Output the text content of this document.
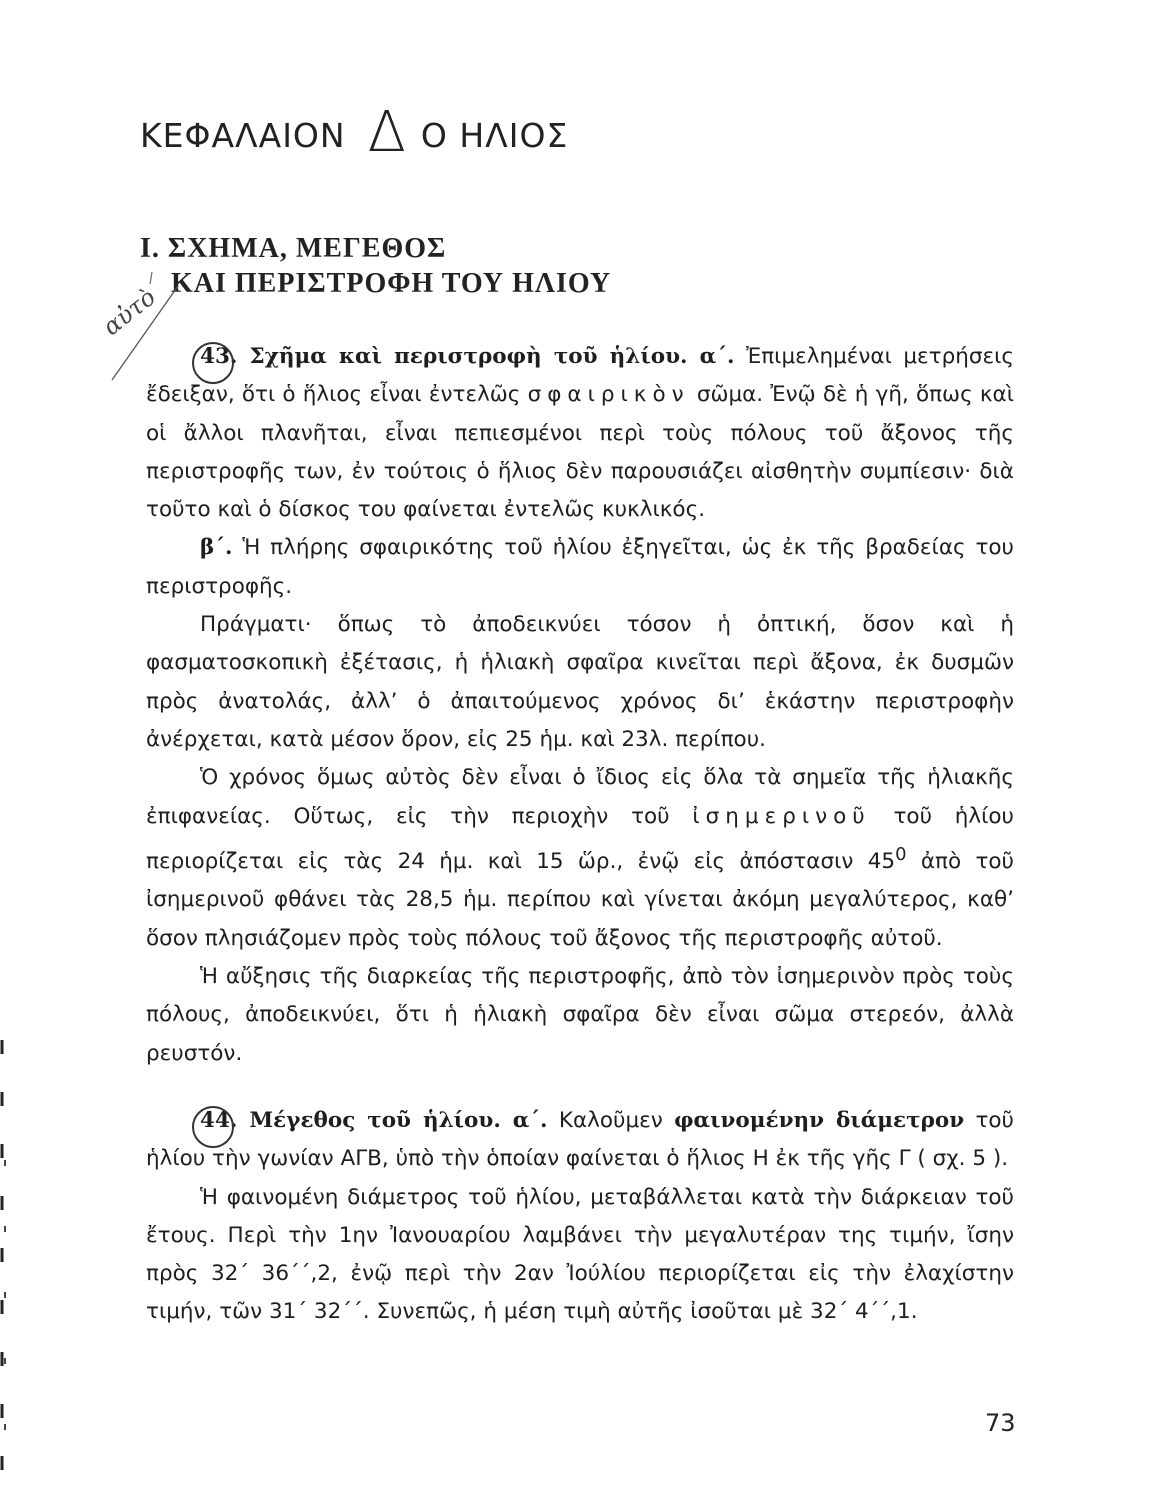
ΚΕΦΑΛΑΙΟΝ Δ Ο ΗΛΙΟΣ
Ι. ΣΧΗΜΑ, ΜΕΓΕΘΟΣ
ΚΑΙ ΠΕΡΙΣΤΡΟΦΗ ΤΟΥ ΗΛΙΟΥ
αὐτὸ

43. Σχῆμα καὶ περιστροφὴ τοῦ ἡλίου. α΄. Ἐπιμελημέναι μετρήσεις ἔδειξαν, ὅτι ὁ ἥλιος εἶναι ἐντελῶς σφαιρικὸν σῶμα. Ἐνῷ δὲ ἡ γῆ, ὅπως καὶ οἱ ἄλλοι πλανῆται, εἶναι πεπιεσμένοι περὶ τοὺς πόλους τοῦ ἄξονος τῆς περιστροφῆς των, ἐν τούτοις ὁ ἥλιος δὲν παρουσιάζει αἰσθητὴν συμπίεσιν· διὰ τοῦτο καὶ ὁ δίσκος του φαίνεται ἐντελῶς κυκλικός.

β΄. Ἡ πλήρης σφαιρικότης τοῦ ἡλίου ἐξηγεῖται, ὡς ἐκ τῆς βραδείας του περιστροφῆς.

Πράγματι· ὅπως τὸ ἀποδεικνύει τόσον ἡ ὀπτική, ὅσον καὶ ἡ φασματοσκοπικὴ ἐξέτασις, ἡ ἡλιακὴ σφαῖρα κινεῖται περὶ ἄξονα, ἐκ δυσμῶν πρὸς ἀνατολάς, ἀλλ’ ὁ ἀπαιτούμενος χρόνος δι’ ἑκάστην περιστροφὴν ἀνέρχεται, κατὰ μέσον ὅρον, εἰς 25 ἡμ. καὶ 23λ. περίπου.

Ὁ χρόνος ὅμως αὐτὸς δὲν εἶναι ὁ ἴδιος εἰς ὅλα τὰ σημεῖα τῆς ἡλιακῆς ἐπιφανείας. Οὕτως, εἰς τὴν περιοχὴν τοῦ ἰσημερινοῦ τοῦ ἡλίου περιορίζεται εἰς τὰς 24 ἡμ. καὶ 15 ὥρ., ἐνῷ εἰς ἀπόστασιν $45^0$ ἀπὸ τοῦ ἰσημερινοῦ φθάνει τὰς 28,5 ἡμ. περίπου καὶ γίνεται ἀκόμη μεγαλύτερος, καθ’ ὅσον πλησιάζομεν πρὸς τοὺς πόλους τοῦ ἄξονος τῆς περιστροφῆς αὐτοῦ.

Ἡ αὔξησις τῆς διαρκείας τῆς περιστροφῆς, ἀπὸ τὸν ἰσημερινὸν πρὸς τοὺς πόλους, ἀποδεικνύει, ὅτι ἡ ἡλιακὴ σφαῖρα δὲν εἶναι σῶμα στερεόν, ἀλλὰ ρευστόν.

44. Μέγεθος τοῦ ἡλίου. α΄. Καλοῦμεν φαινομένην διάμετρον τοῦ ἡλίου τὴν γωνίαν ΑΓΒ, ὑπὸ τὴν ὁποίαν φαίνεται ὁ ἥλιος Η ἐκ τῆς γῆς Γ ( σχ. 5 ).

Ἡ φαινομένη διάμετρος τοῦ ἡλίου, μεταβάλλεται κατὰ τὴν διάρκειαν τοῦ ἔτους. Περὶ τὴν 1ην Ἰανουαρίου λαμβάνει τὴν μεγαλυτέραν της τιμήν, ἴσην πρὸς 32΄ 36΄΄,2, ἐνῷ περὶ τὴν 2αν Ἰούλίου περιορίζεται εἰς τὴν ἐλαχίστην τιμήν, τῶν 31΄ 32΄΄. Συνεπῶς, ἡ μέση τιμὴ αὐτῆς ἰσοῦται μὲ 32΄ 4΄΄,1.

73
